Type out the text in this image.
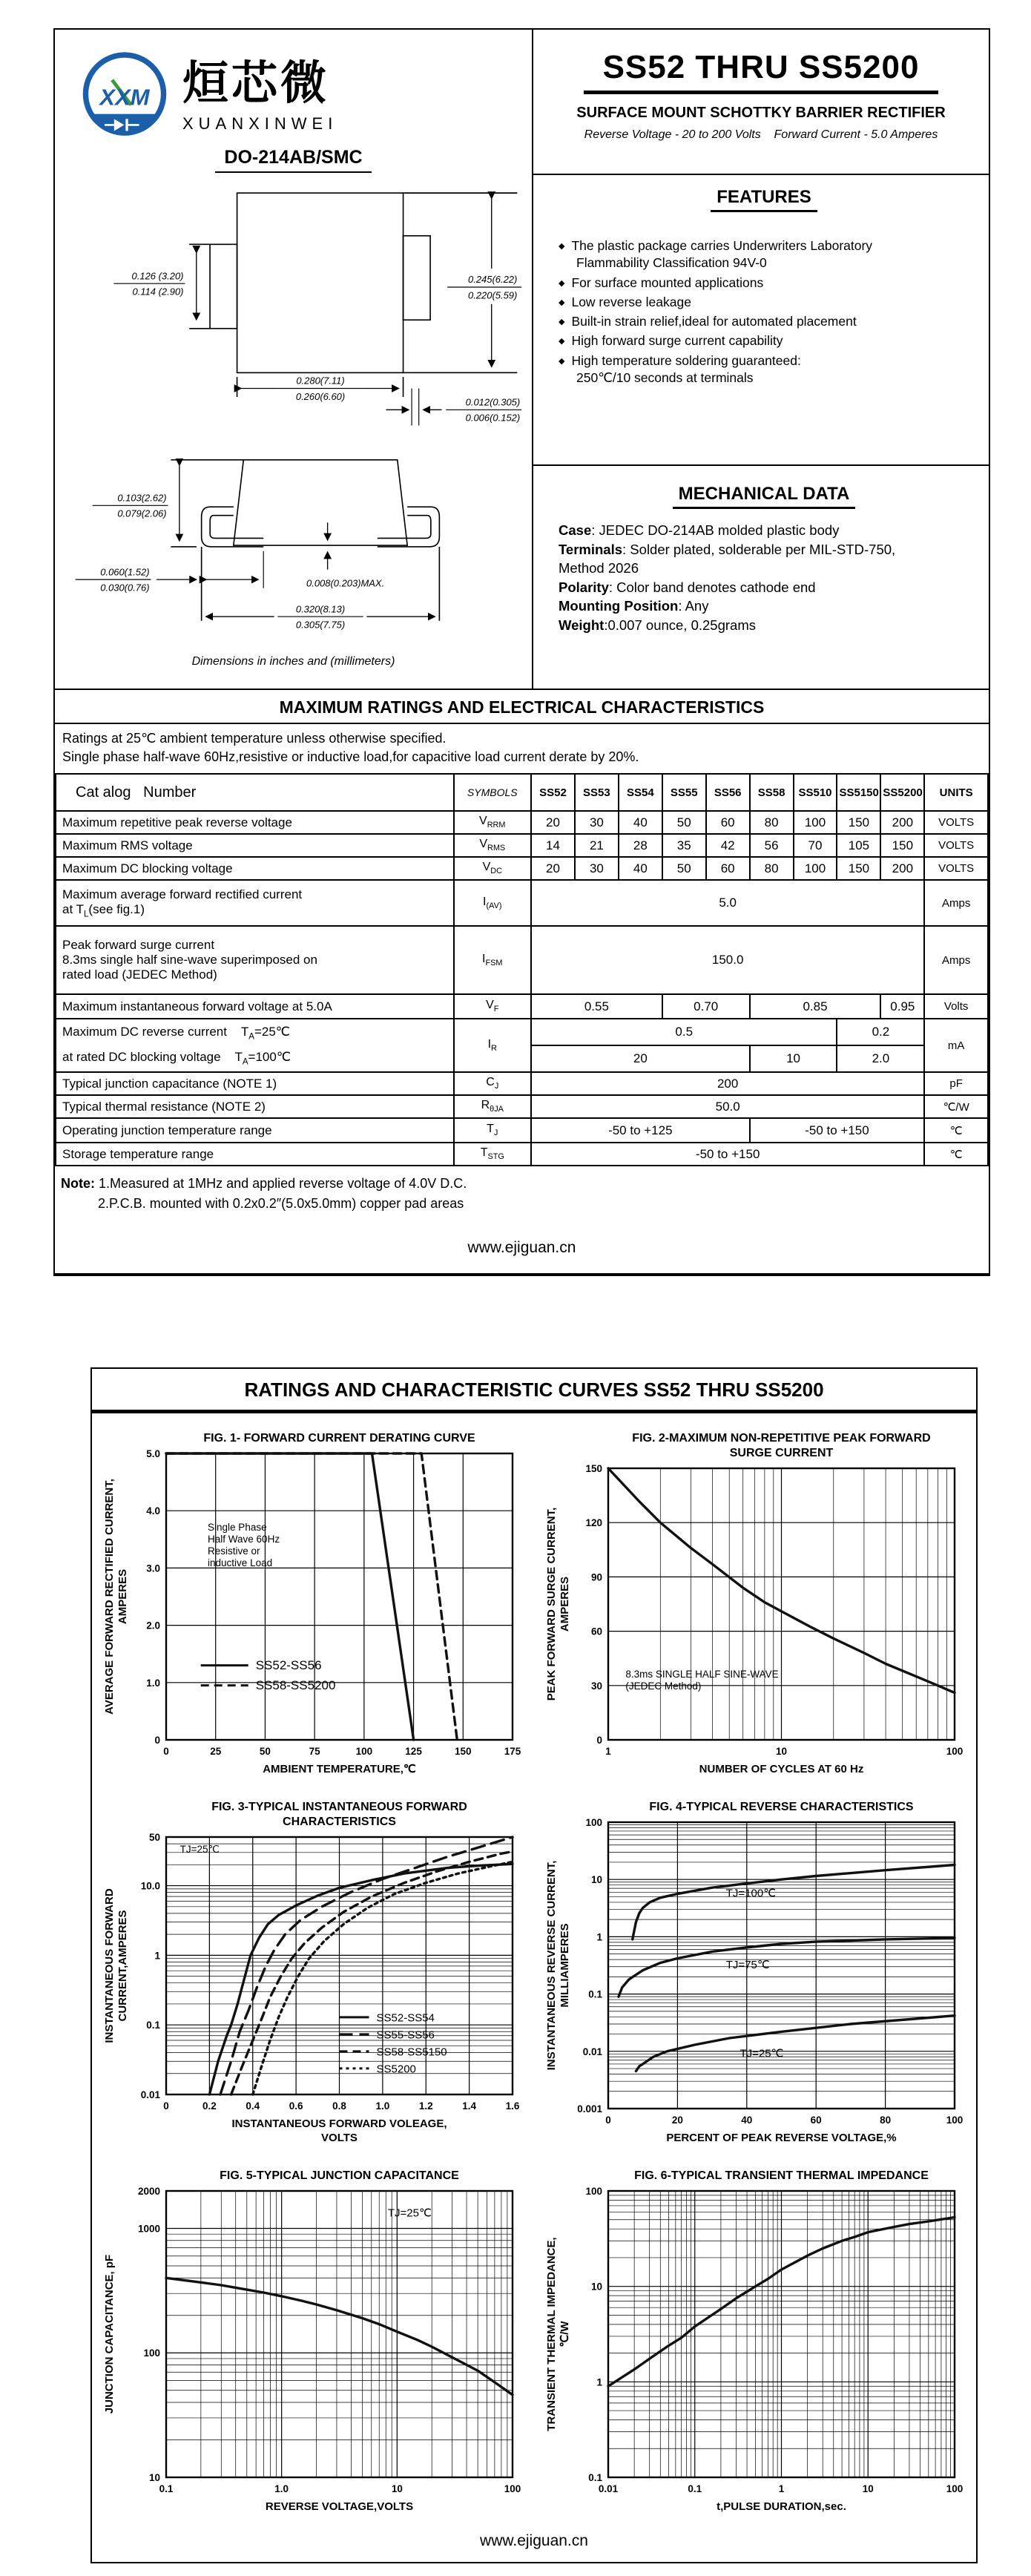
XXM 烜芯微
XUANXINWEI
DO-214AB/SMC
0.126 (3.20)
0.114 (2.90)
0.245(6.22)
0.220(5.59)
0.280(7.11)
0.260(6.60)
0.012(0.305)
0.006(0.152)
0.103(2.62)
0.079(2.06)
0.060(1.52)
0.030(0.76)	0.008(0.203)MAX.
0.320(8.13)
0.305(7.75)
Dimensions in inches and (millimeters)
SS52 THRU SS5200
SURFACE MOUNT SCHOTTKY BARRIER RECTIFIER
Reverse Voltage - 20 to 200 Volts    Forward Current - 5.0 Amperes
FEATURES
◆ The plastic package carries Underwriters Laboratory
Flammability Classification 94V-0
◆ For surface mounted applications
◆ Low reverse leakage
◆ Built-in strain relief,ideal for automated placement
◆ High forward surge current capability
◆ High temperature soldering guaranteed:
250℃/10 seconds at terminals
MECHANICAL DATA
Case: JEDEC DO-214AB molded plastic body
Terminals: Solder plated, solderable per MIL-STD-750,
Method 2026
Polarity: Color band denotes cathode end
Mounting Position: Any
Weight:0.007 ounce, 0.25grams
MAXIMUM RATINGS AND ELECTRICAL CHARACTERISTICS
Ratings at 25℃ ambient temperature unless otherwise specified.
Single phase half-wave 60Hz,resistive or inductive load,for capacitive load current derate by 20%.
Cat alog   Number	SYMBOLS	SS52	SS53	SS54	SS55	SS56	SS58	SS510	SS5150	SS5200	UNITS
Maximum repetitive peak reverse voltage	$V_{RRM}$	20	30	40	50	60	80	100	150	200	VOLTS
Maximum RMS voltage	$V_{RMS}$	14	21	28	35	42	56	70	105	150	VOLTS
Maximum DC blocking voltage	$V_{DC}$	20	30	40	50	60	80	100	150	200	VOLTS
Maximum average forward rectified current
at $T_L(see$ fig.1)	$I_{(AV)}$	5.0									Amps
Peak forward surge current
8.3ms single half sine-wave superimposed on
rated load (JEDEC Method)	$I_{FSM}$	150.0									Amps
Maximum instantaneous forward voltage at 5.0A	$V_F$	0.55			0.70		0.85			0.95	Volts

Maximum DC reverse current    $T_A=25℃$
at rated DC blocking voltage    $T_A=100℃$	$I_R$	0.5							0.2		mA
		20					10		2.0		
Typical junction capacitance (NOTE 1)	$C_J$	200									pF
Typical thermal resistance (NOTE 2)	$R_{\theta JA}$	50.0									℃/W
Operating junction temperature range	$T_J$	-50 to +125					-50 to +150				℃
Storage temperature range	$T_{STG}$	-50 to +150									℃
Note: 1.Measured at 1MHz and applied reverse voltage of 4.0V D.C.
2.P.C.B. mounted with 0.2x0.2″(5.0x5.0mm) copper pad areas
www.ejiguan.cn
RATINGS AND CHARACTERISTIC CURVES SS52 THRU SS5200
0	25	50	75	100	125	150	175
0
1.0
2.0
3.0
4.0
5.0
FIG. 1- FORWARD CURRENT DERATING CURVE
AMBIENT TEMPERATURE,℃
AVERAGE FORWARD RECTIFIED CURRENT, AMPERES
SS52-SS56
SS58-SS5200
Single Phase
Half Wave 60Hz
Resistive or
inductive Load
1	10	100
0
30
60
90
120
150
FIG. 2-MAXIMUM NON-REPETITIVE PEAK FORWARD
SURGE CURRENT
NUMBER OF CYCLES AT 60 Hz
PEAK FORWARD SURGE CURRENT, AMPERES
8.3ms SINGLE HALF SINE-WAVE
(JEDEC Method)
0	0.2	0.4	0.6	0.8	1.0	1.2	1.4	1.6
0.01
0.1
1
10.0
50
FIG. 3-TYPICAL INSTANTANEOUS FORWARD
CHARACTERISTICS
INSTANTANEOUS FORWARD VOLEAGE,
VOLTS
INSTANTANEOUS FORWARD CURRENT,AMPERES	SS52-SS54
SS55-SS56
SS58-SS5150
SS5200
TJ=25℃
0	20	40	60	80	100
0.001
0.01
0.1
1
10
100
FIG. 4-TYPICAL REVERSE CHARACTERISTICS
PERCENT OF PEAK REVERSE VOLTAGE,%
INSTANTANEOUS REVERSE CURRENT, MILLIAMPERES
TJ=100℃
TJ=75℃
TJ=25℃
0.1	1.0	10	100
10
100
1000
2000
FIG. 5-TYPICAL JUNCTION CAPACITANCE
REVERSE VOLTAGE,VOLTS
JUNCTION CAPACITANCE, pF
TJ=25℃
0.01	0.1	1	10	100
0.1
1
10
100
FIG. 6-TYPICAL TRANSIENT THERMAL IMPEDANCE
t,PULSE DURATION,sec.
TRANSIENT THERMAL IMPEDANCE, ℃/W
www.ejiguan.cn
